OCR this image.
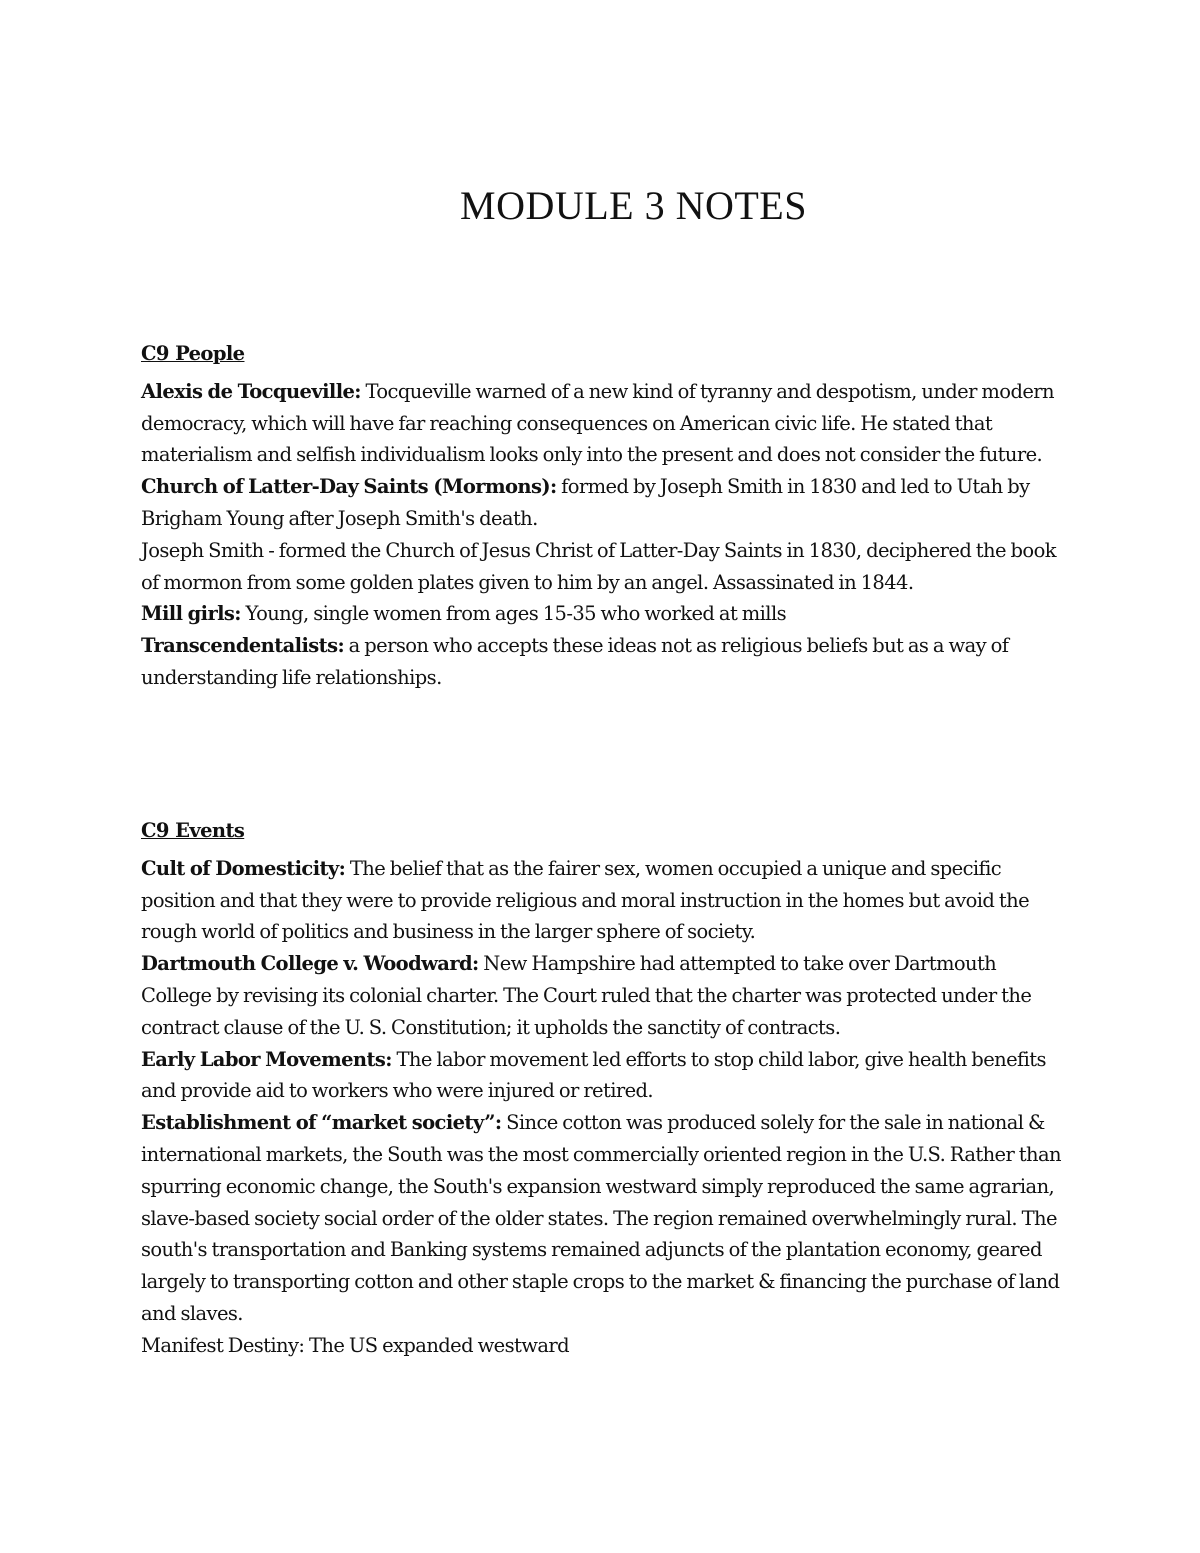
MODULE 3 NOTES

C9 People

Alexis de Tocqueville: Tocqueville warned of a new kind of tyranny and despotism, under modern democracy, which will have far reaching consequences on American civic life. He stated that materialism and selfish individualism looks only into the present and does not consider the future.

Church of Latter-Day Saints (Mormons): formed by Joseph Smith in 1830 and led to Utah by Brigham Young after Joseph Smith's death.

Joseph Smith - formed the Church of Jesus Christ of Latter-Day Saints in 1830, deciphered the book of mormon from some golden plates given to him by an angel. Assassinated in 1844.

Mill girls: Young, single women from ages 15-35 who worked at mills

Transcendentalists: a person who accepts these ideas not as religious beliefs but as a way of understanding life relationships.

C9 Events

Cult of Domesticity: The belief that as the fairer sex, women occupied a unique and specific position and that they were to provide religious and moral instruction in the homes but avoid the rough world of politics and business in the larger sphere of society.

Dartmouth College v. Woodward: New Hampshire had attempted to take over Dartmouth College by revising its colonial charter. The Court ruled that the charter was protected under the contract clause of the U. S. Constitution; it upholds the sanctity of contracts.

Early Labor Movements: The labor movement led efforts to stop child labor, give health benefits and provide aid to workers who were injured or retired.

Establishment of “market society”: Since cotton was produced solely for the sale in national & international markets, the South was the most commercially oriented region in the U.S. Rather than spurring economic change, the South's expansion westward simply reproduced the same agrarian, slave-based society social order of the older states. The region remained overwhelmingly rural. The south's transportation and Banking systems remained adjuncts of the plantation economy, geared largely to transporting cotton and other staple crops to the market & financing the purchase of land and slaves.

Manifest Destiny: The US expanded westward
